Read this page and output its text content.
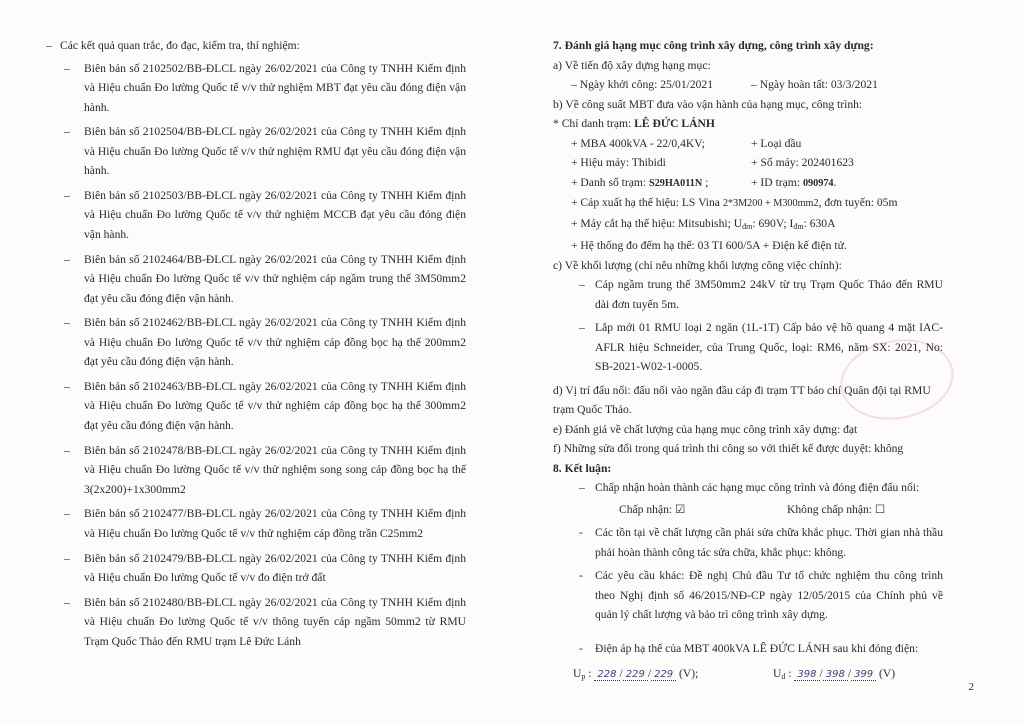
– Các kết quả quan trắc, đo đạc, kiểm tra, thí nghiệm:

– Biên bản số 2102502/BB-ĐLCL ngày 26/02/2021 của Công ty TNHH Kiểm định và Hiệu chuẩn Đo lường Quốc tế v/v thử nghiệm MBT đạt yêu cầu đóng điện vận hành.

– Biên bản số 2102504/BB-ĐLCL ngày 26/02/2021 của Công ty TNHH Kiểm định và Hiệu chuẩn Đo lường Quốc tế v/v thử nghiệm RMU đạt yêu cầu đóng điện vận hành.

– Biên bản số 2102503/BB-ĐLCL ngày 26/02/2021 của Công ty TNHH Kiểm định và Hiệu chuẩn Đo lường Quốc tế v/v thử nghiệm MCCB đạt yêu cầu đóng điện vận hành.

– Biên bản số 2102464/BB-ĐLCL ngày 26/02/2021 của Công ty TNHH Kiểm định và Hiệu chuẩn Đo lường Quốc tế v/v thử nghiệm cáp ngầm trung thế 3M50mm2 đạt yêu cầu đóng điện vận hành.

– Biên bản số 2102462/BB-ĐLCL ngày 26/02/2021 của Công ty TNHH Kiểm định và Hiệu chuẩn Đo lường Quốc tế v/v thử nghiệm cáp đồng bọc hạ thế 200mm2 đạt yêu cầu đóng điện vận hành.

– Biên bản số 2102463/BB-ĐLCL ngày 26/02/2021 của Công ty TNHH Kiểm định và Hiệu chuẩn Đo lường Quốc tế v/v thử nghiệm cáp đồng bọc hạ thế 300mm2 đạt yêu cầu đóng điện vận hành.

– Biên bản số 2102478/BB-ĐLCL ngày 26/02/2021 của Công ty TNHH Kiểm định và Hiệu chuẩn Đo lường Quốc tế v/v thử nghiệm song song cáp đồng bọc hạ thế 3(2x200)+1x300mm2

– Biên bản số 2102477/BB-ĐLCL ngày 26/02/2021 của Công ty TNHH Kiểm định và Hiệu chuẩn Đo lường Quốc tế v/v thử nghiệm cáp đồng trần C25mm2

– Biên bản số 2102479/BB-ĐLCL ngày 26/02/2021 của Công ty TNHH Kiểm định và Hiệu chuẩn Đo lường Quốc tế v/v đo điện trở đất

– Biên bản số 2102480/BB-ĐLCL ngày 26/02/2021 của Công ty TNHH Kiểm định và Hiệu chuẩn Đo lường Quốc tế v/v thông tuyến cáp ngầm 50mm2 từ RMU Trạm Quốc Thảo đến RMU trạm Lê Đức Lánh

7. Đánh giá hạng mục công trình xây dựng, công trình xây dựng:

a) Về tiến độ xây dựng hạng mục:

– Ngày khởi công: 25/01/2021	– Ngày hoàn tất: 03/3/2021

b) Về công suất MBT đưa vào vận hành của hạng mục, công trình:

* Chỉ danh trạm: LÊ ĐỨC LÁNH

+ MBA 400kVA - 22/0,4KV;	+ Loại dầu
+ Hiệu máy: Thibidi	+ Số máy: 202401623
+ Danh số trạm: S29HA011N ;	+ ID trạm: 090974.

+ Cáp xuất hạ thế hiệu: LS Vina 2*3M200 + M300mm2, đơn tuyến: 05m

+ Máy cắt hạ thế hiệu: Mitsubishi; $U_{đm}$: 690V; $I_{đm}$: 630A

+ Hệ thống đo đếm hạ thế: 03 TI 600/5A + Điện kế điện tử.

c) Về khối lượng (chỉ nêu những khối lượng công việc chính):

– Cáp ngầm trung thế 3M50mm2 24kV từ trụ Trạm Quốc Thảo đến RMU dài đơn tuyến 5m.

– Lắp mới 01 RMU loại 2 ngăn (1L-1T) Cấp bảo vệ hồ quang 4 mặt IAC-AFLR hiệu Schneider, của Trung Quốc, loại: RM6, năm SX: 2021, No: SB-2021-W02-1-0005.

d) Vị trí đấu nối: đấu nối vào ngăn đầu cáp đi trạm TT báo chí Quân đội tại RMU trạm Quốc Thảo.

e) Đánh giá về chất lượng của hạng mục công trình xây dựng: đạt

f) Những sửa đổi trong quá trình thi công so với thiết kế được duyệt: không

8. Kết luận:

– Chấp nhận hoàn thành các hạng mục công trình và đóng điện đấu nối:

Chấp nhận: ☑	Không chấp nhận: ☐

- Các tồn tại về chất lượng cần phải sửa chữa khắc phục. Thời gian nhà thầu phải hoàn thành công tác sửa chữa, khắc phục: không.

- Các yêu cầu khác: Đề nghị Chủ đầu Tư tổ chức nghiệm thu công trình theo Nghị định số 46/2015/NĐ-CP ngày 12/05/2015 của Chính phủ về quản lý chất lượng và bảo trì công trình xây dựng.

- Điện áp hạ thế của MBT 400kVA LÊ ĐỨC LÁNH sau khi đóng điện:

$U_p$ : 228 / 229 / 229 (V);	$U_d$ : 398 / 398 / 399 (V)
2
